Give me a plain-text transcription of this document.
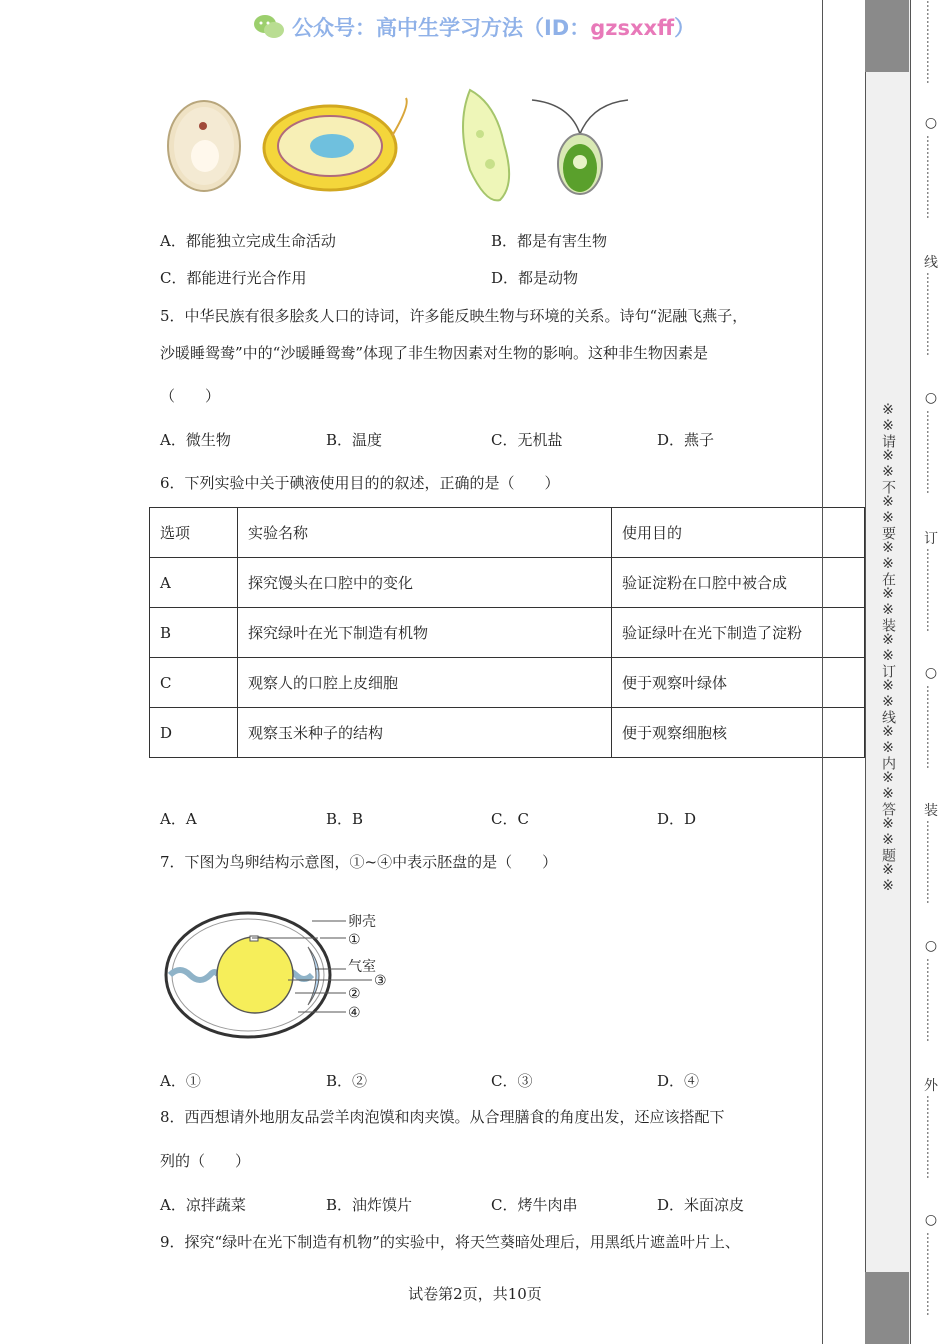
公众号：高中生学习方法（ID：gzsxxff）
A．都能独立完成生命活动	B．都是有害生物
C．都能进行光合作用	D．都是动物
5．中华民族有很多脍炙人口的诗词，许多能反映生物与环境的关系。诗句“泥融飞燕子，
沙暖睡鸳鸯”中的“沙暖睡鸳鸯”体现了非生物因素对生物的影响。这种非生物因素是
（　　）
A．微生物	B．温度	C．无机盐	D．燕子
6．下列实验中关于碘液使用目的的叙述，正确的是（　　）
选项	实验名称	使用目的
A	探究馒头在口腔中的变化	验证淀粉在口腔中被合成
B	探究绿叶在光下制造有机物	验证绿叶在光下制造了淀粉
C	观察人的口腔上皮细胞	便于观察叶绿体
D	观察玉米种子的结构	便于观察细胞核
A．A	B．B	C．C	D．D
7．下图为鸟卵结构示意图，①~④中表示胚盘的是（　　）
卵壳
①
气室
③
②
④
A．①	B．②	C．③	D．④
8．西西想请外地朋友品尝羊肉泡馍和肉夹馍。从合理膳食的角度出发，还应该搭配下
列的（　　）
A．凉拌蔬菜	B．油炸馍片	C．烤牛肉串	D．米面凉皮
9．探究“绿叶在光下制造有机物”的实验中，将天竺葵暗处理后，用黑纸片遮盖叶片上、
试卷第2页，共10页
※※请※※不※※要※※在※※装※※订※※线※※内※※答※※题※※
…………………
○
…………………
线
…………………
○
…………………
订
…………………
○
…………………
装
…………………
○
…………………
外
…………………
○
…………………
